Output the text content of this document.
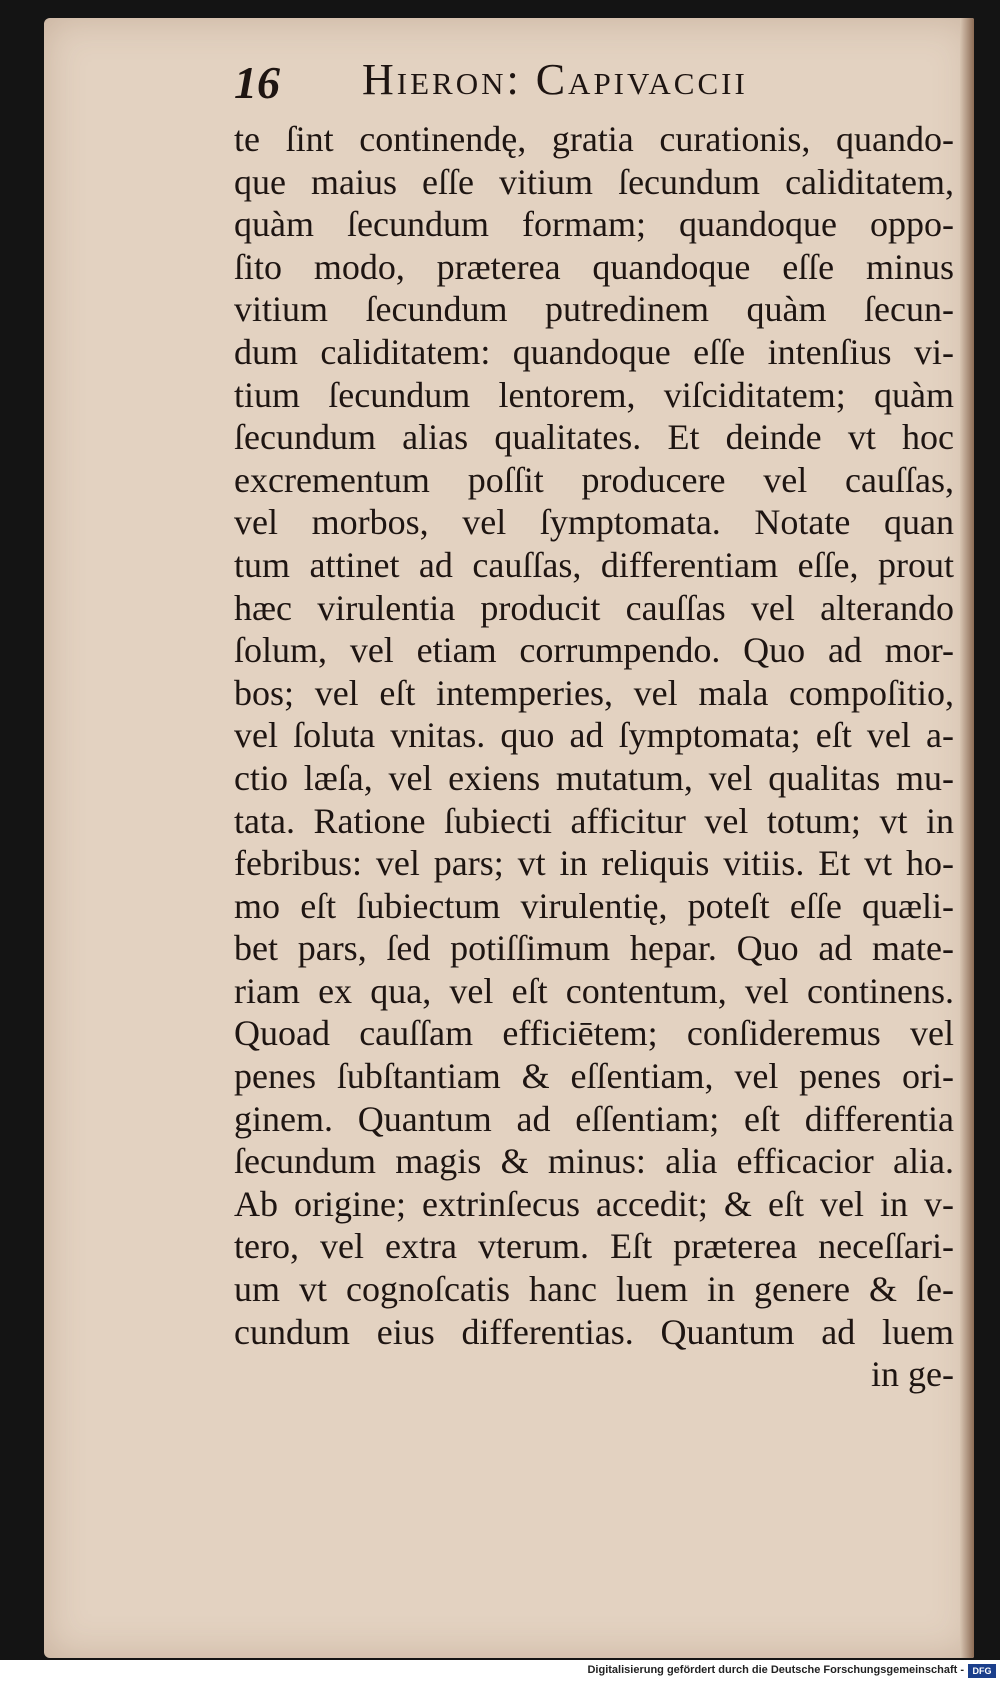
16 Hieron: Capivaccii
te ſint continendę, gratia curationis, quando-
que maius eſſe vitium ſecundum caliditatem,
quàm ſecundum formam; quandoque oppo-
ſito modo, præterea quandoque eſſe minus
vitium ſecundum putredinem quàm ſecun-
dum caliditatem: quandoque eſſe intenſius vi-
tium ſecundum lentorem, viſciditatem; quàm
ſecundum alias qualitates. Et deinde vt hoc
excrementum poſſit producere vel cauſſas,
vel morbos, vel ſymptomata. Notate quan
tum attinet ad cauſſas, differentiam eſſe, prout
hæc virulentia producit cauſſas vel alterando
ſolum, vel etiam corrumpendo. Quo ad mor-
bos; vel eſt intemperies, vel mala compoſitio,
vel ſoluta vnitas. quo ad ſymptomata; eſt vel a-
ctio læſa, vel exiens mutatum, vel qualitas mu-
tata. Ratione ſubiecti afficitur vel totum; vt in
febribus: vel pars; vt in reliquis vitiis. Et vt ho-
mo eſt ſubiectum virulentię, poteſt eſſe quæli-
bet pars, ſed potiſſimum hepar. Quo ad mate-
riam ex qua, vel eſt contentum, vel continens.
Quoad cauſſam efficiētem; conſideremus vel
penes ſubſtantiam & eſſentiam, vel penes ori-
ginem. Quantum ad eſſentiam; eſt differentia
ſecundum magis & minus: alia efficacior alia.
Ab origine; extrinſecus accedit; & eſt vel in v-
tero, vel extra vterum. Eſt præterea neceſſari-
um vt cognoſcatis hanc luem in genere & ſe-
cundum eius differentias. Quantum ad luem
in ge-
Digitalisierung gefördert durch die Deutsche Forschungsgemeinschaft - DFG
